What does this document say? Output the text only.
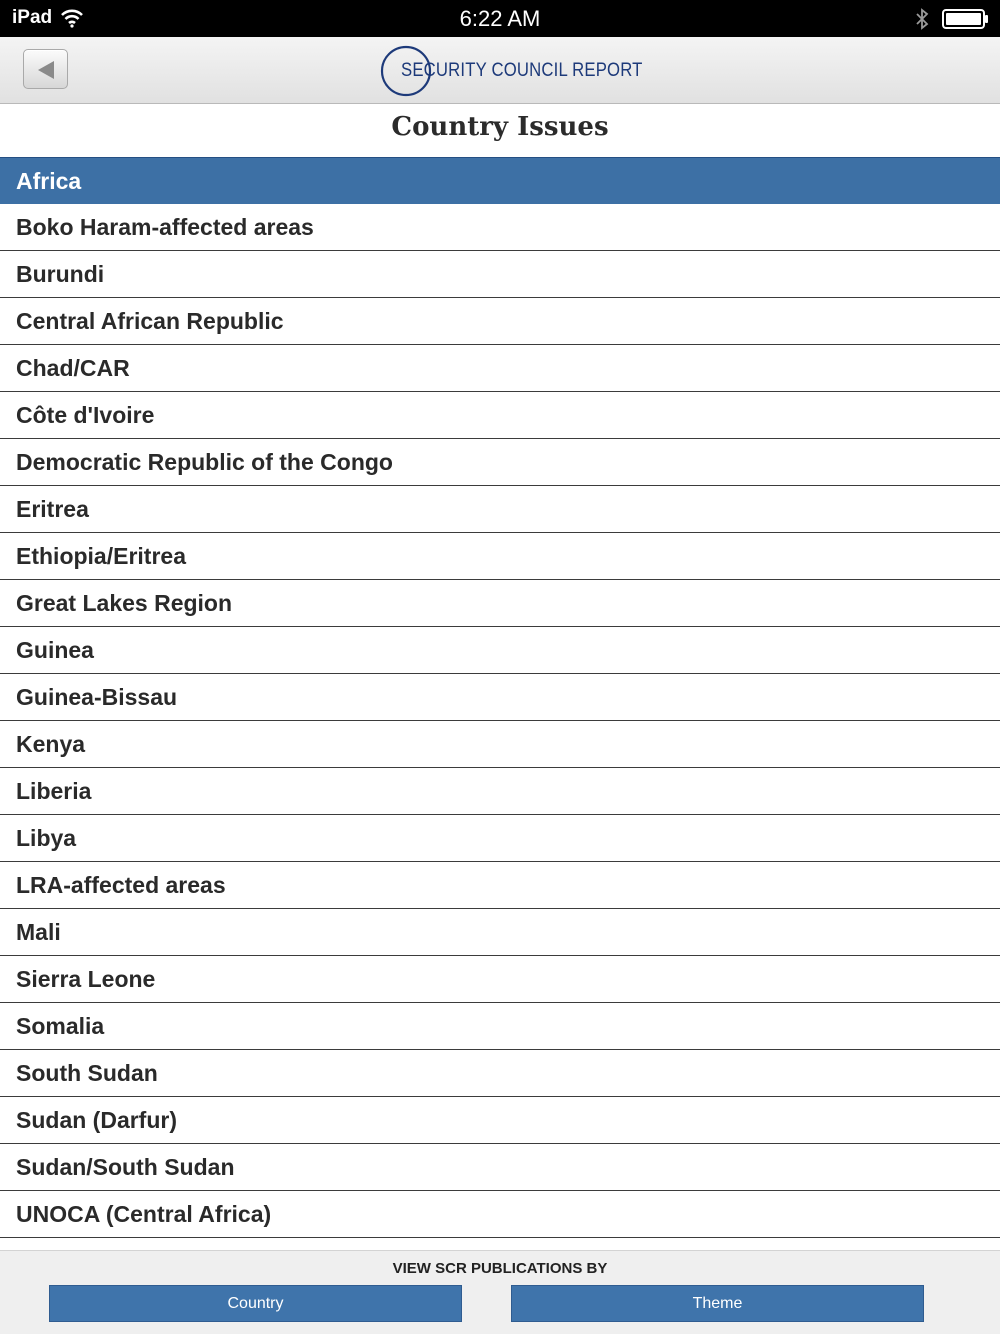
iPad	6:22 AM
SECURITY COUNCIL REPORT
Country Issues
Africa
Boko Haram-affected areas
Burundi
Central African Republic
Chad/CAR
Côte d'Ivoire
Democratic Republic of the Congo
Eritrea
Ethiopia/Eritrea
Great Lakes Region
Guinea
Guinea-Bissau
Kenya
Liberia
Libya
LRA-affected areas
Mali
Sierra Leone
Somalia
South Sudan
Sudan (Darfur)
Sudan/South Sudan
UNOCA (Central Africa)
VIEW SCR PUBLICATIONS BY
Country	Theme
